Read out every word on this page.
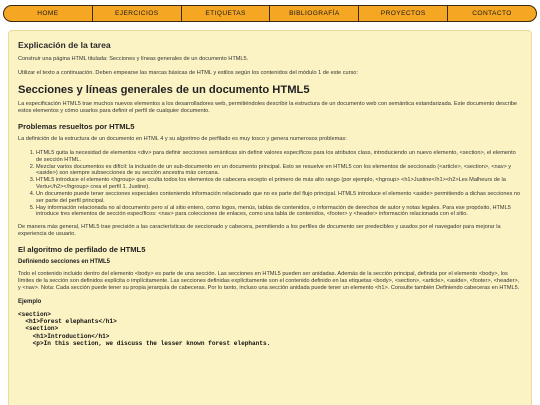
HOME	EJERCICIOS	ETIQUETAS	BIBLIOGRAFÍA	PROYECTOS	CONTACTO
Explicación de la tarea

Construir una página HTML titulada: Secciones y líneas generales de un documento HTML5.

Utilizar el texto a continuación. Deben empearse las marcas básicas de HTML y estilos según los contenidos del módulo 1 de este curso:

Secciones y líneas generales de un documento HTML5

La especificación HTML5 trae muchos nuevos elementos a los desarrolladores web, permitiéndoles describir la estructura de un documento web con semántica estandarizada. Este documento describe estos elementos y cómo usarlos para definir el perfil de cualquier documento.

Problemas resueltos por HTML5

La definición de la estructura de un documento en HTML 4 y su algoritmo de perfilado es muy tosco y genera numerosos problemas:

1. HTML5 quita la necesidad de elementos <div> para definir secciones semánticas sin definir valores específicos para los atributos class, introduciendo un nuevo elemento, <section>, el elemento de sección HTML.
2. Mezclar varios documentos es difícil: la inclusión de un sub-documento en un documento principal. Esto se resuelve en HTML5 con los elementos de seccionado (<article>, <section>, <nav> y <aside>) son siempre subsecciones de su sección ancestra más cercana.
3. HTML5 introduce el elemento <hgroup> que oculta todos los elementos de cabecera excepto el primero de más alto rango (por ejemplo, <hgroup> <h1>Justine</h1><h2>Les Malheurs de la Vertu</h2></hgroup> crea el perfil 1. Justine).
4. Un documento puede tener secciones especiales conteniendo información relacionado que no es parte del flujo principal. HTML5 introduce el elemento <aside> permitiendo a dichas secciones no ser parte del perfil principal.
5. Hay información relacionada no al documento pero sí al sitio entero, como logos, menús, tablas de contenidos, o información de derechos de autor y notas legales. Para ese propósito, HTML5 introduce tres elementos de sección específicos: <nav> para colecciones de enlaces, como una tabla de contenidos, <footer> y <header> información relacionada con el sitio.

De manera más general, HTML5 trae precisión a las características de seccionado y cabecera, permitiendo a los perfiles de documento ser predecibles y usados por el navegador para mejorar la experiencia de usuario.

El algoritmo de perfilado de HTML5
Definiendo secciones en HTML5

Todo el contenido incluido dentro del elemento <body> es parte de una sección. Las secciones en HTML5 pueden ser anidadas. Además de la sección principal, definida por el elemento <body>, los límites de la sección son definidos explícita o implícitamente. Las secciones definidas explícitamente son el contenido definido en las etiquetas <body>, <section>, <article>, <aside>, <footer>, <header>, y <nav>. Nota: Cada sección puede tener su propia jerarquía de cabeceras. Por lo tanto, incluso una sección anidada puede tener un elemento <h1>. Consulte también Definiendo cabeceras en HTML5.

Ejemplo
<section>
<h1>Forest elephants</h1>
<section>
<h1>Introduction</h1>
<p>In this section, we discuss the lesser known forest elephants.
